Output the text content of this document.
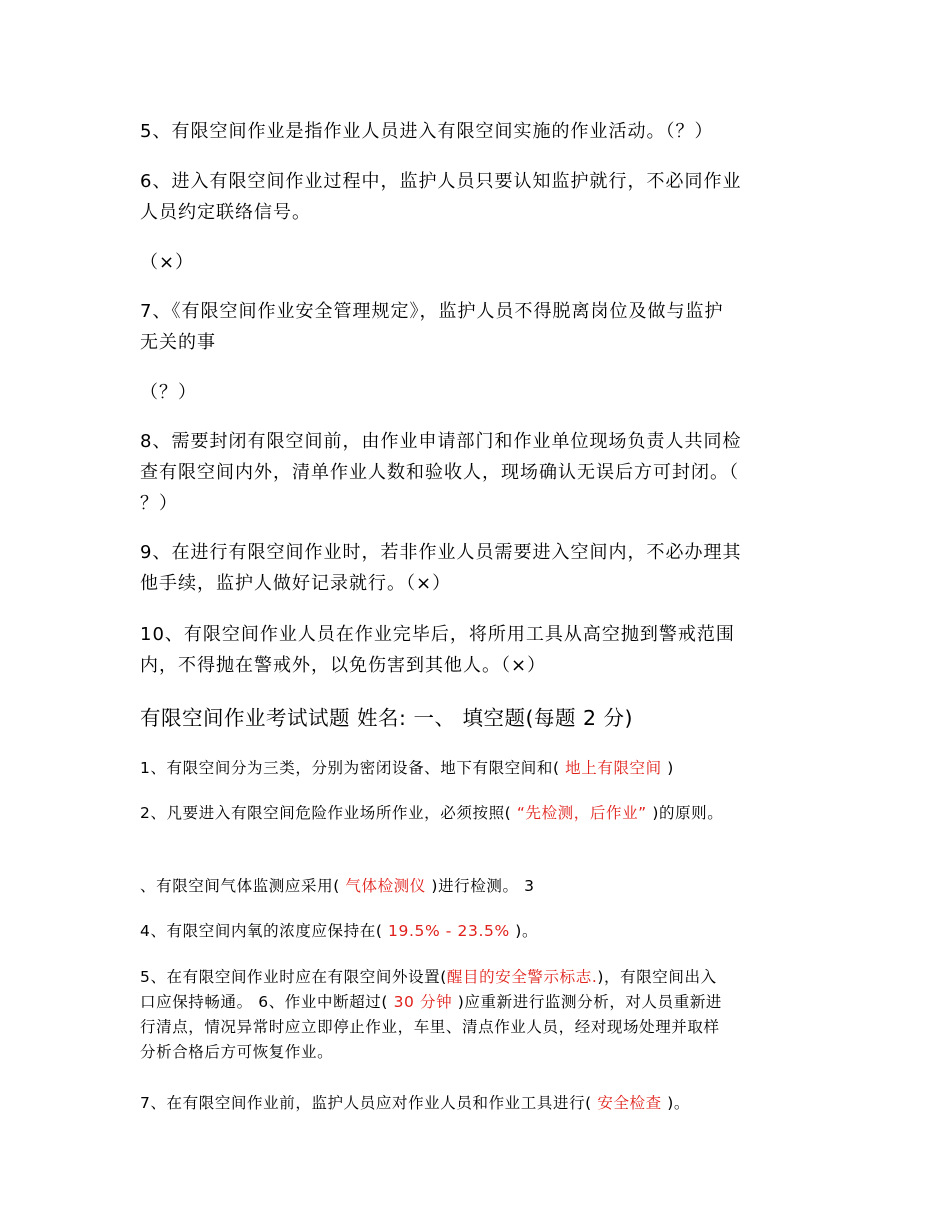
5、有限空间作业是指作业人员进入有限空间实施的作业活动。（？）

6、进入有限空间作业过程中，监护人员只要认知监护就行，不必同作业
人员约定联络信号。

（×）

7、《有限空间作业安全管理规定》，监护人员不得脱离岗位及做与监护
无关的事

（？）

8、需要封闭有限空间前，由作业申请部门和作业单位现场负责人共同检
查有限空间内外，清单作业人数和验收人，现场确认无误后方可封闭。（
？）

9、在进行有限空间作业时，若非作业人员需要进入空间内，不必办理其
他手续，监护人做好记录就行。（×）

10、有限空间作业人员在作业完毕后，将所用工具从高空抛到警戒范围
内，不得抛在警戒外，以免伤害到其他人。（×）

有限空间作业考试试题 姓名: 一、 填空题(每题 2 分)

1、有限空间分为三类，分别为密闭设备、地下有限空间和( 地上有限空间 )

2、凡要进入有限空间危险作业场所作业，必须按照( “先检测，后作业” )的原则。

、有限空间气体监测应采用( 气体检测仪 )进行检测。 3

4、有限空间内氧的浓度应保持在( 19.5% - 23.5% )。

5、在有限空间作业时应在有限空间外设置(醒目的安全警示标志.)，有限空间出入
口应保持畅通。 6、作业中断超过( 30 分钟 )应重新进行监测分析，对人员重新进
行清点，情况异常时应立即停止作业，车里、清点作业人员，经对现场处理并取样
分析合格后方可恢复作业。

7、在有限空间作业前，监护人员应对作业人员和作业工具进行( 安全检查 )。
